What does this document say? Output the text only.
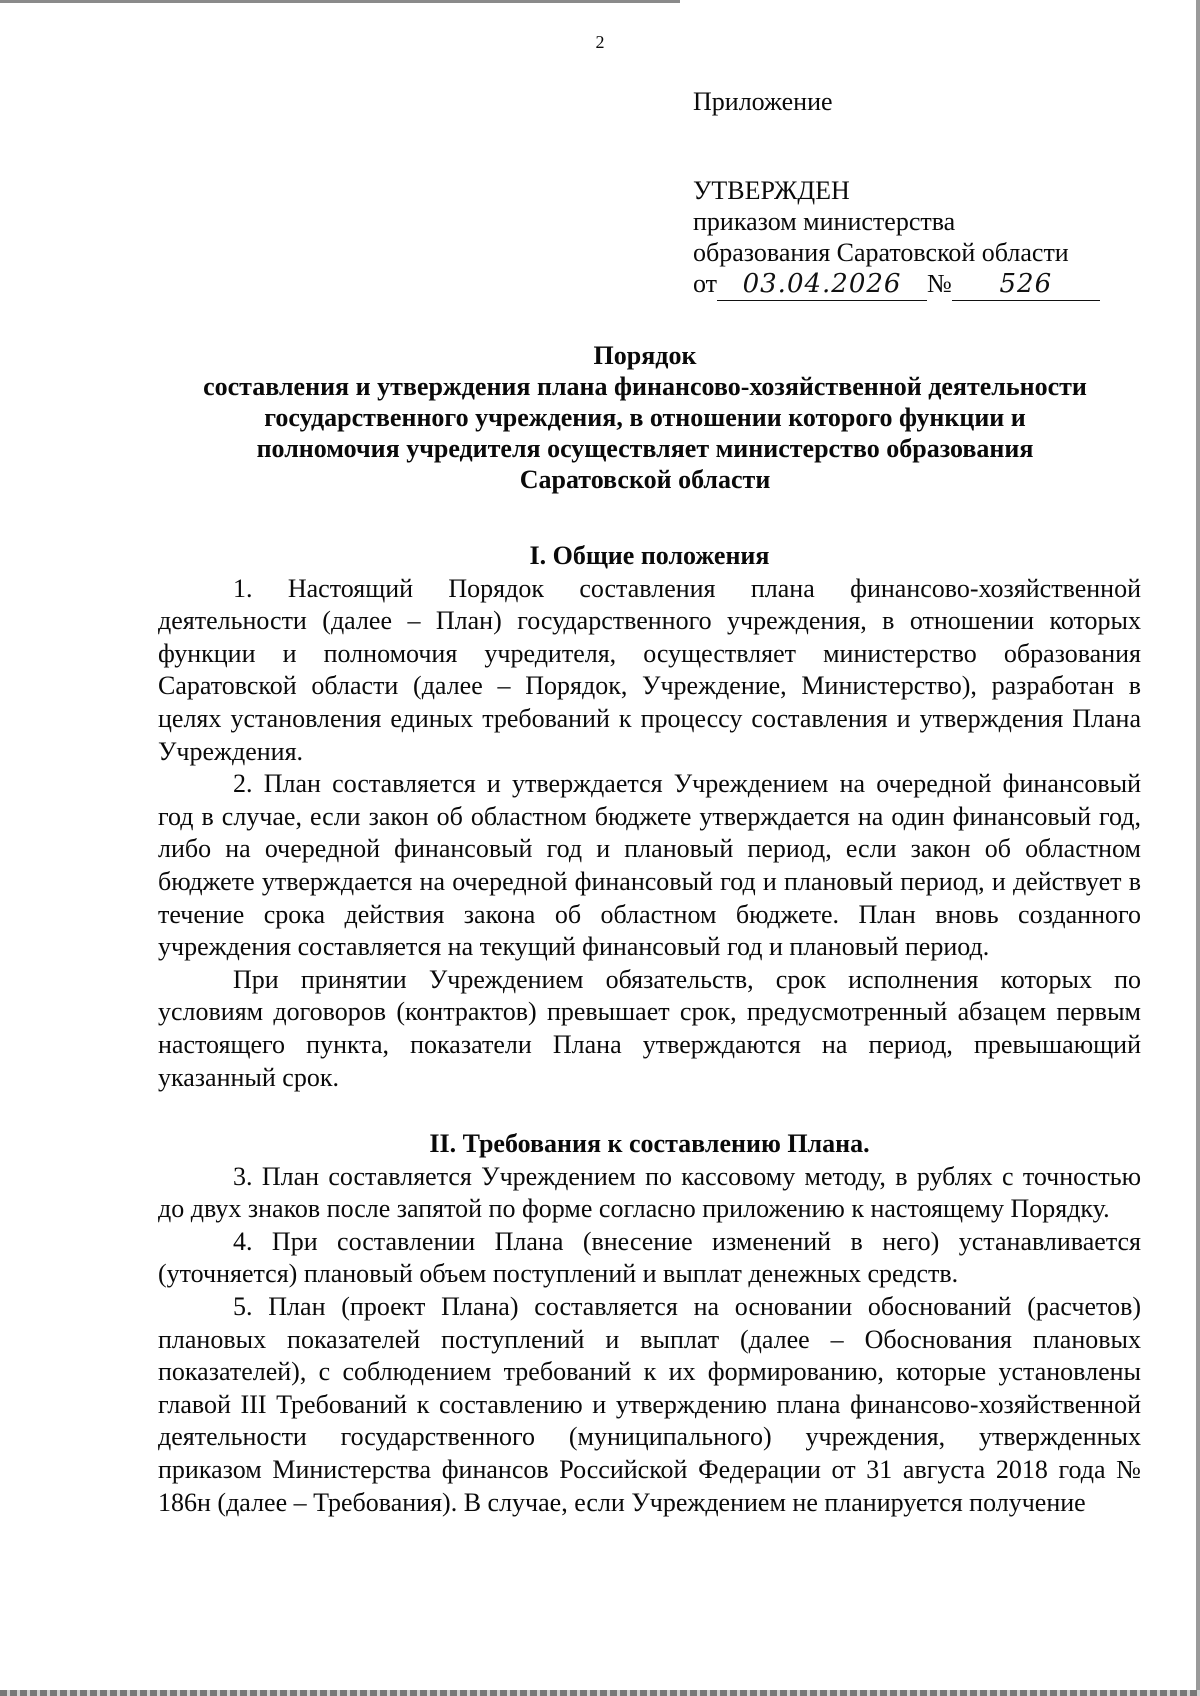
2
Приложение
УТВЕРЖДЕН
приказом министерства
образования Саратовской области
от 03.04.2026 № 526
Порядок
составления и утверждения плана финансово-хозяйственной деятельности
государственного учреждения, в отношении которого функции и
полномочия учредителя осуществляет министерство образования
Саратовской области

I. Общие положения

1. Настоящий Порядок составления плана финансово-хозяйственной деятельности (далее – План) государственного учреждения, в отношении которых функции и полномочия учредителя, осуществляет министерство образования Саратовской области (далее – Порядок, Учреждение, Министерство), разработан в целях установления единых требований к процессу составления и утверждения Плана Учреждения.

2. План составляется и утверждается Учреждением на очередной финансовый год в случае, если закон об областном бюджете утверждается на один финансовый год, либо на очередной финансовый год и плановый период, если закон об областном бюджете утверждается на очередной финансовый год и плановый период, и действует в течение срока действия закона об областном бюджете. План вновь созданного учреждения составляется на текущий финансовый год и плановый период.

При принятии Учреждением обязательств, срок исполнения которых по условиям договоров (контрактов) превышает срок, предусмотренный абзацем первым настоящего пункта, показатели Плана утверждаются на период, превышающий указанный срок.

II. Требования к составлению Плана.

3. План составляется Учреждением по кассовому методу, в рублях с точностью до двух знаков после запятой по форме согласно приложению к настоящему Порядку.

4. При составлении Плана (внесение изменений в него) устанавливается (уточняется) плановый объем поступлений и выплат денежных средств.

5. План (проект Плана) составляется на основании обоснований (расчетов) плановых показателей поступлений и выплат (далее – Обоснования плановых показателей), с соблюдением требований к их формированию, которые установлены главой III Требований к составлению и утверждению плана финансово-хозяйственной деятельности государственного (муниципального) учреждения, утвержденных приказом Министерства финансов Российской Федерации от 31 августа 2018 года № 186н (далее – Требования). В случае, если Учреждением не планируется получение
